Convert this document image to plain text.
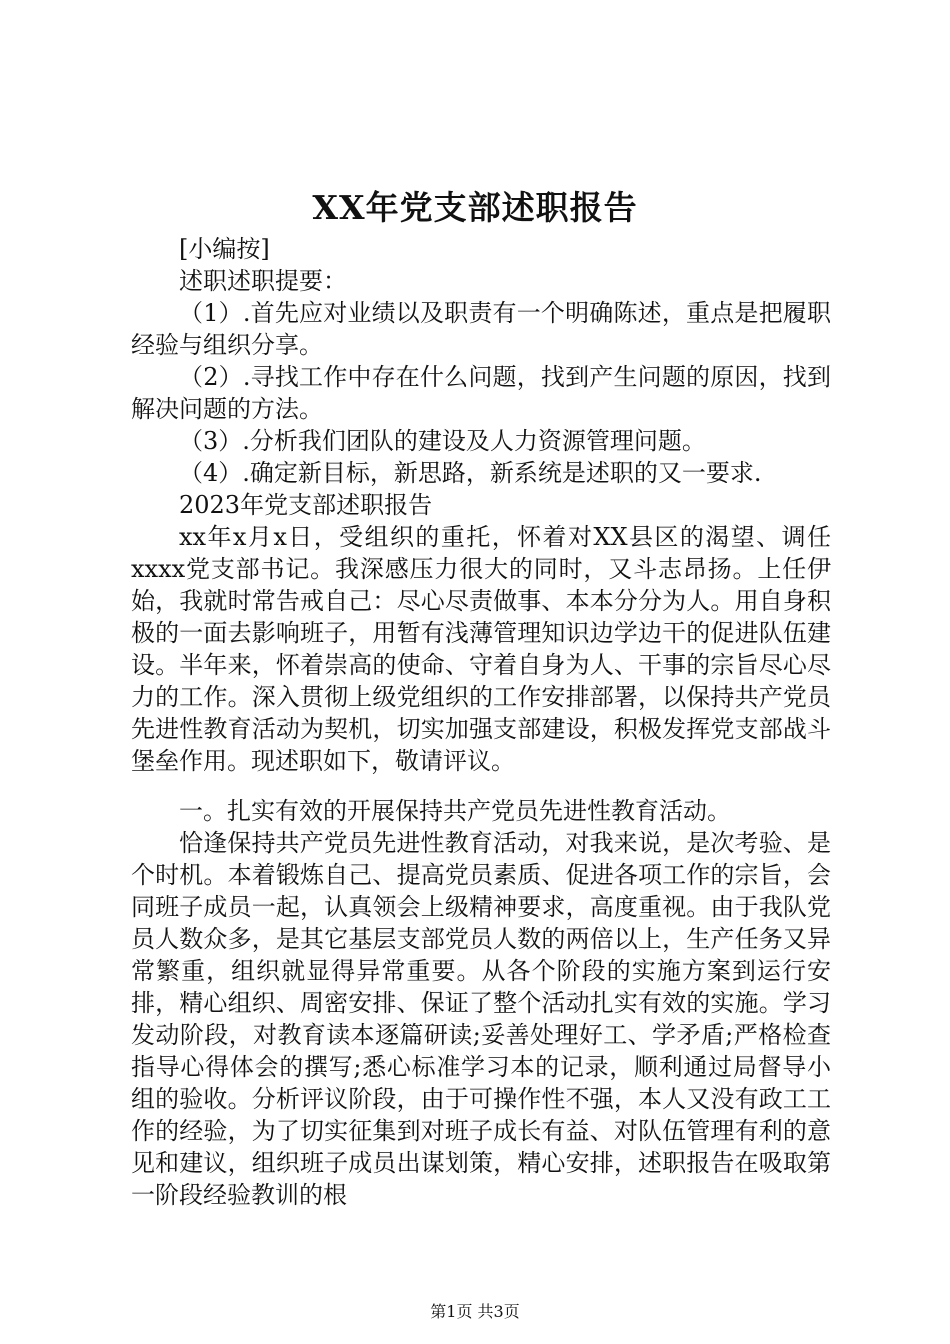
XX年党支部述职报告

[小编按]

述职述职提要：

（1）.首先应对业绩以及职责有一个明确陈述，重点是把履职经验与组织分享。

（2）.寻找工作中存在什么问题，找到产生问题的原因，找到解决问题的方法。

（3）.分析我们团队的建设及人力资源管理问题。

（4）.确定新目标，新思路，新系统是述职的又一要求.

2023年党支部述职报告

xx年x月x日，受组织的重托，怀着对XX县区的渴望、调任xxxx党支部书记。我深感压力很大的同时，又斗志昂扬。上任伊始，我就时常告戒自己：尽心尽责做事、本本分分为人。用自身积极的一面去影响班子，用暂有浅薄管理知识边学边干的促进队伍建设。半年来，怀着崇高的使命、守着自身为人、干事的宗旨尽心尽力的工作。深入贯彻上级党组织的工作安排部署，以保持共产党员先进性教育活动为契机，切实加强支部建设，积极发挥党支部战斗堡垒作用。现述职如下，敬请评议。

一。扎实有效的开展保持共产党员先进性教育活动。

恰逢保持共产党员先进性教育活动，对我来说，是次考验、是个时机。本着锻炼自己、提高党员素质、促进各项工作的宗旨，会同班子成员一起，认真领会上级精神要求，高度重视。由于我队党员人数众多，是其它基层支部党员人数的两倍以上，生产任务又异常繁重，组织就显得异常重要。从各个阶段的实施方案到运行安排，精心组织、周密安排、保证了整个活动扎实有效的实施。学习发动阶段，对教育读本逐篇研读;妥善处理好工、学矛盾;严格检查指导心得体会的撰写;悉心标准学习本的记录，顺利通过局督导小组的验收。分析评议阶段，由于可操作性不强，本人又没有政工工作的经验，为了切实征集到对班子成长有益、对队伍管理有利的意见和建议，组织班子成员出谋划策，精心安排，述职报告在吸取第一阶段经验教训的根

第1页 共3页
